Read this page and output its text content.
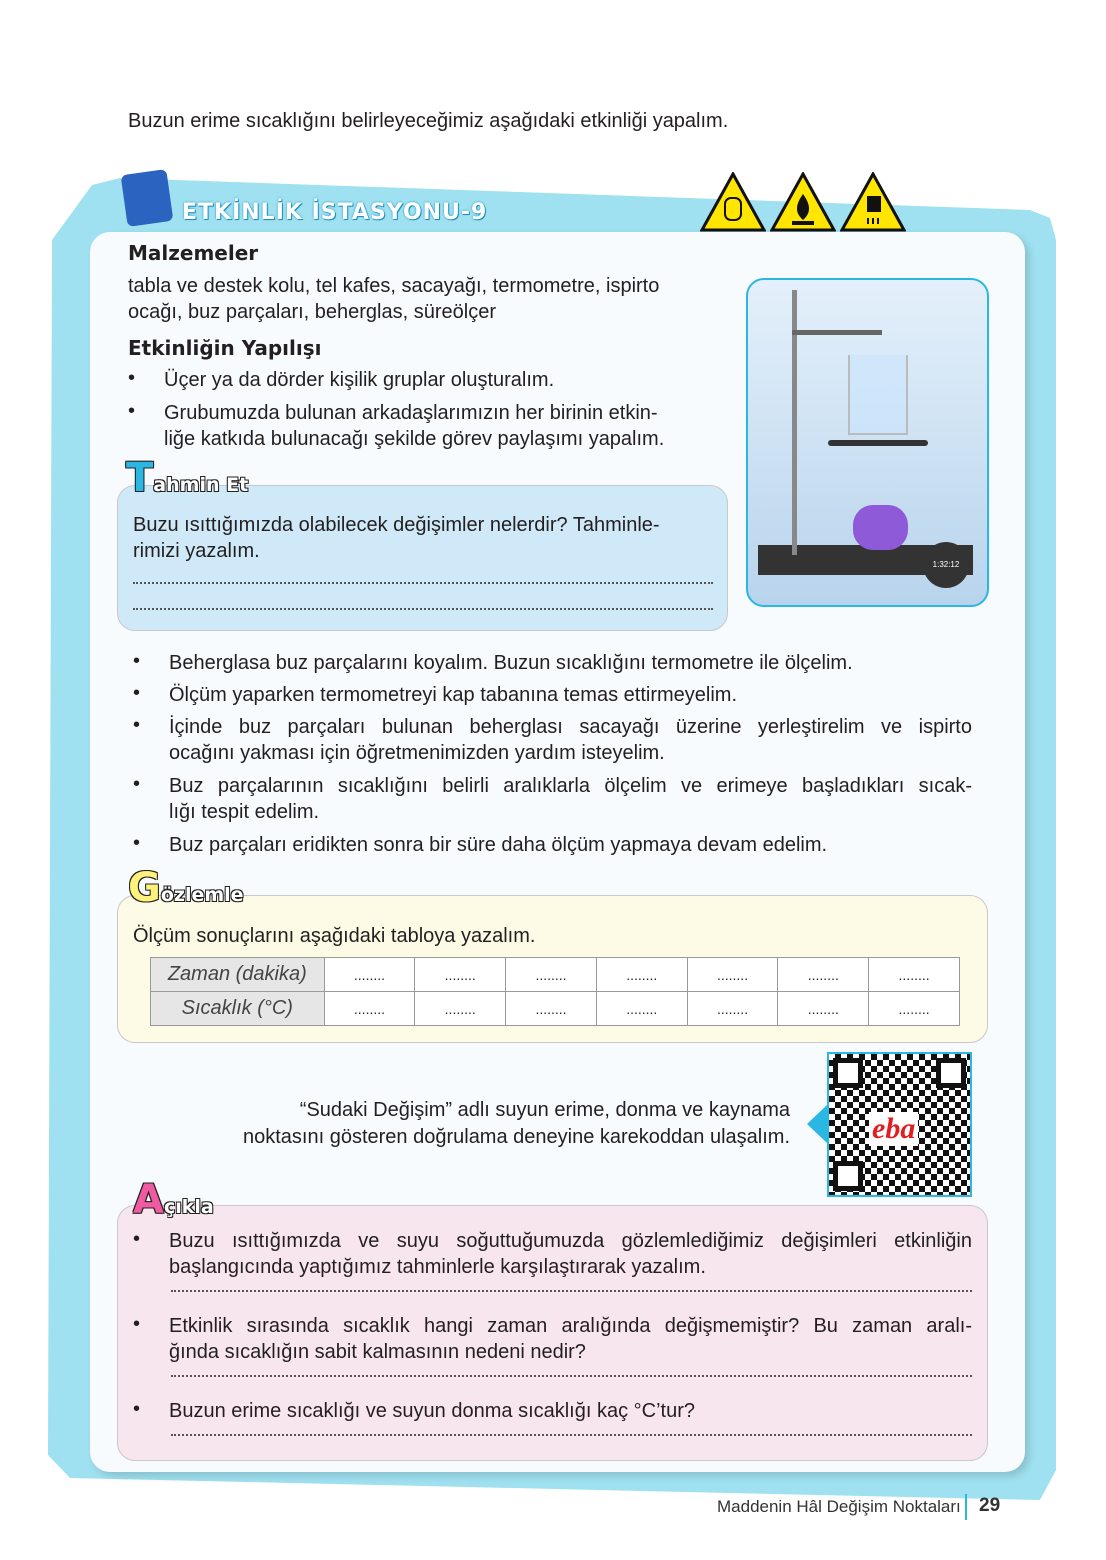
Buzun erime sıcaklığını belirleyeceğimiz aşağıdaki etkinliği yapalım.
ETKİNLİK İSTASYONU-9
Malzemeler
tabla ve destek kolu, tel kafes, sacayağı, termometre, ispirto
ocağı, buz parçaları, beherglas, süreölçer
Etkinliğin Yapılışı
• Üçer ya da dörder kişilik gruplar oluşturalım.
• Grubumuzda bulunan arkadaşlarımızın her birinin etkin-
liğe katkıda bulunacağı şekilde görev paylaşımı yapalım.
1:32:12
Tahmin Et
Buzu ısıttığımızda olabilecek değişimler nelerdir? Tahminle-
rimizi yazalım.
• Beherglasa buz parçalarını koyalım. Buzun sıcaklığını termometre ile ölçelim.
• Ölçüm yaparken termometreyi kap tabanına temas ettirmeyelim.
• İçinde buz parçaları bulunan beherglası sacayağı üzerine yerleştirelim ve ispirto
ocağını yakması için öğretmenimizden yardım isteyelim.
• Buz parçalarının sıcaklığını belirli aralıklarla ölçelim ve erimeye başladıkları sıcak-
lığı tespit edelim.
• Buz parçaları eridikten sonra bir süre daha ölçüm yapmaya devam edelim.
Gözlemle
Ölçüm sonuçlarını aşağıdaki tabloya yazalım.
Zaman (dakika)	........	........	........	........	........	........	........
Sıcaklık (°C)	........	........	........	........	........	........	........
“Sudaki Değişim” adlı suyun erime, donma ve kaynama
noktasını gösteren doğrulama deneyine karekoddan ulaşalım.	eba
Açıkla
• Buzu ısıttığımızda ve suyu soğuttuğumuzda gözlemlediğimiz değişimleri etkinliğin
başlangıcında yaptığımız tahminlerle karşılaştırarak yazalım.
• Etkinlik sırasında sıcaklık hangi zaman aralığında değişmemiştir? Bu zaman aralı-
ğında sıcaklığın sabit kalmasının nedeni nedir?
• Buzun erime sıcaklığı ve suyun donma sıcaklığı kaç °C’tur?
Maddenin Hâl Değişim Noktaları 29
